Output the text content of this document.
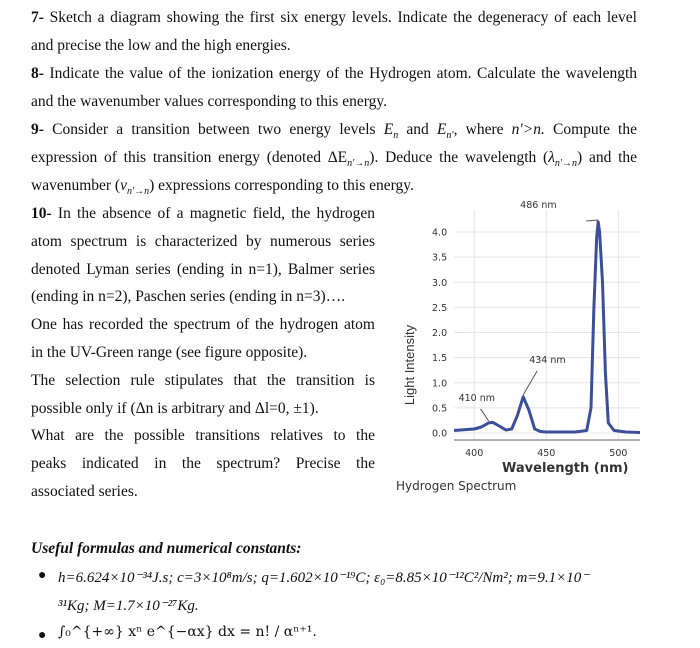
7- Sketch a diagram showing the first six energy levels. Indicate the degeneracy of each level
and precise the low and the high energies.
8- Indicate the value of the ionization energy of the Hydrogen atom. Calculate the wavelength
and the wavenumber values corresponding to this energy.
9- Consider a transition between two energy levels $E_n$ and $E_{n'}$, where n'>n. Compute the
expression of this transition energy (denoted $\Delta E_{n'\to n}$). Deduce the wavelength $(\lambda_{n'\to n})$ and the
wavenumber $(\nu_{n'\to n})$ expressions corresponding to this energy.
10- In the absence of a magnetic field, the hydrogen
atom spectrum is characterized by numerous series
denoted Lyman series (ending in n=1), Balmer series
(ending in n=2), Paschen series (ending in n=3)….
One has recorded the spectrum of the hydrogen atom
in the UV-Green range (see figure opposite).
The selection rule stipulates that the transition is
possible only if (Δn is arbitrary and Δl=0, ±1).
What are the possible transitions relatives to the
peaks indicated in the spectrum? Precise the
associated series.
0.0
0.5
1.0
1.5
2.0
2.5
3.0
3.5
4.0
400	450	500
410 nm
434 nm
486 nm
Wavelength (nm)
Hydrogen Spectrum
Light Intensity
Useful formulas and numerical constants:
● h=6.624×10⁻³⁴J.s; c=3×10⁸m/s; q=1.602×10⁻¹⁹C; ε₀=8.85×10⁻¹²C²/Nm²; m=9.1×10⁻
³¹Kg; M=1.7×10⁻²⁷Kg.
● ∫₀^{+∞} xⁿ e^{−αx} dx = n! / αⁿ⁺¹.
